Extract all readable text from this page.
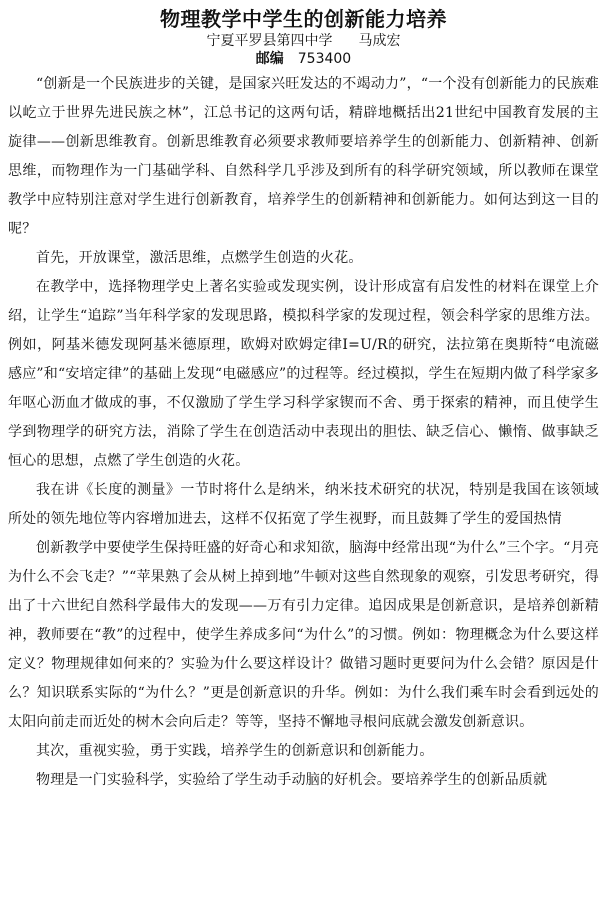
物理教学中学生的创新能力培养
宁夏平罗县第四中学 马成宏
邮编 753400

“创新是一个民族进步的关键，是国家兴旺发达的不竭动力”，“一个没有创新能力的民族难以屹立于世界先进民族之林”，江总书记的这两句话，精辟地概括出21世纪中国教育发展的主旋律——创新思维教育。创新思维教育必须要求教师要培养学生的创新能力、创新精神、创新思维，而物理作为一门基础学科、自然科学几乎涉及到所有的科学研究领域，所以教师在课堂教学中应特别注意对学生进行创新教育，培养学生的创新精神和创新能力。如何达到这一目的呢？

首先，开放课堂，激活思维，点燃学生创造的火花。

在教学中，选择物理学史上著名实验或发现实例，设计形成富有启发性的材料在课堂上介绍，让学生“追踪”当年科学家的发现思路，模拟科学家的发现过程，领会科学家的思维方法。例如，阿基米德发现阿基米德原理，欧姆对欧姆定律I=U/R的研究，法拉第在奥斯特“电流磁感应”和“安培定律”的基础上发现“电磁感应”的过程等。经过模拟，学生在短期内做了科学家多年呕心沥血才做成的事，不仅激励了学生学习科学家锲而不舍、勇于探索的精神，而且使学生学到物理学的研究方法，消除了学生在创造活动中表现出的胆怯、缺乏信心、懒惰、做事缺乏恒心的思想，点燃了学生创造的火花。

我在讲《长度的测量》一节时将什么是纳米，纳米技术研究的状况，特别是我国在该领域所处的领先地位等内容增加进去，这样不仅拓宽了学生视野，而且鼓舞了学生的爱国热情

创新教学中要使学生保持旺盛的好奇心和求知欲，脑海中经常出现“为什么”三个字。“月亮为什么不会飞走？”“苹果熟了会从树上掉到地”牛顿对这些自然现象的观察，引发思考研究，得出了十六世纪自然科学最伟大的发现——万有引力定律。追因成果是创新意识，是培养创新精神，教师要在“教”的过程中，使学生养成多问“为什么”的习惯。例如：物理概念为什么要这样定义？物理规律如何来的？实验为什么要这样设计？做错习题时更要问为什么会错？原因是什么？知识联系实际的“为什么？”更是创新意识的升华。例如：为什么我们乘车时会看到远处的太阳向前走而近处的树木会向后走？等等，坚持不懈地寻根问底就会激发创新意识。

其次，重视实验，勇于实践，培养学生的创新意识和创新能力。

物理是一门实验科学，实验给了学生动手动脑的好机会。要培养学生的创新品质就
